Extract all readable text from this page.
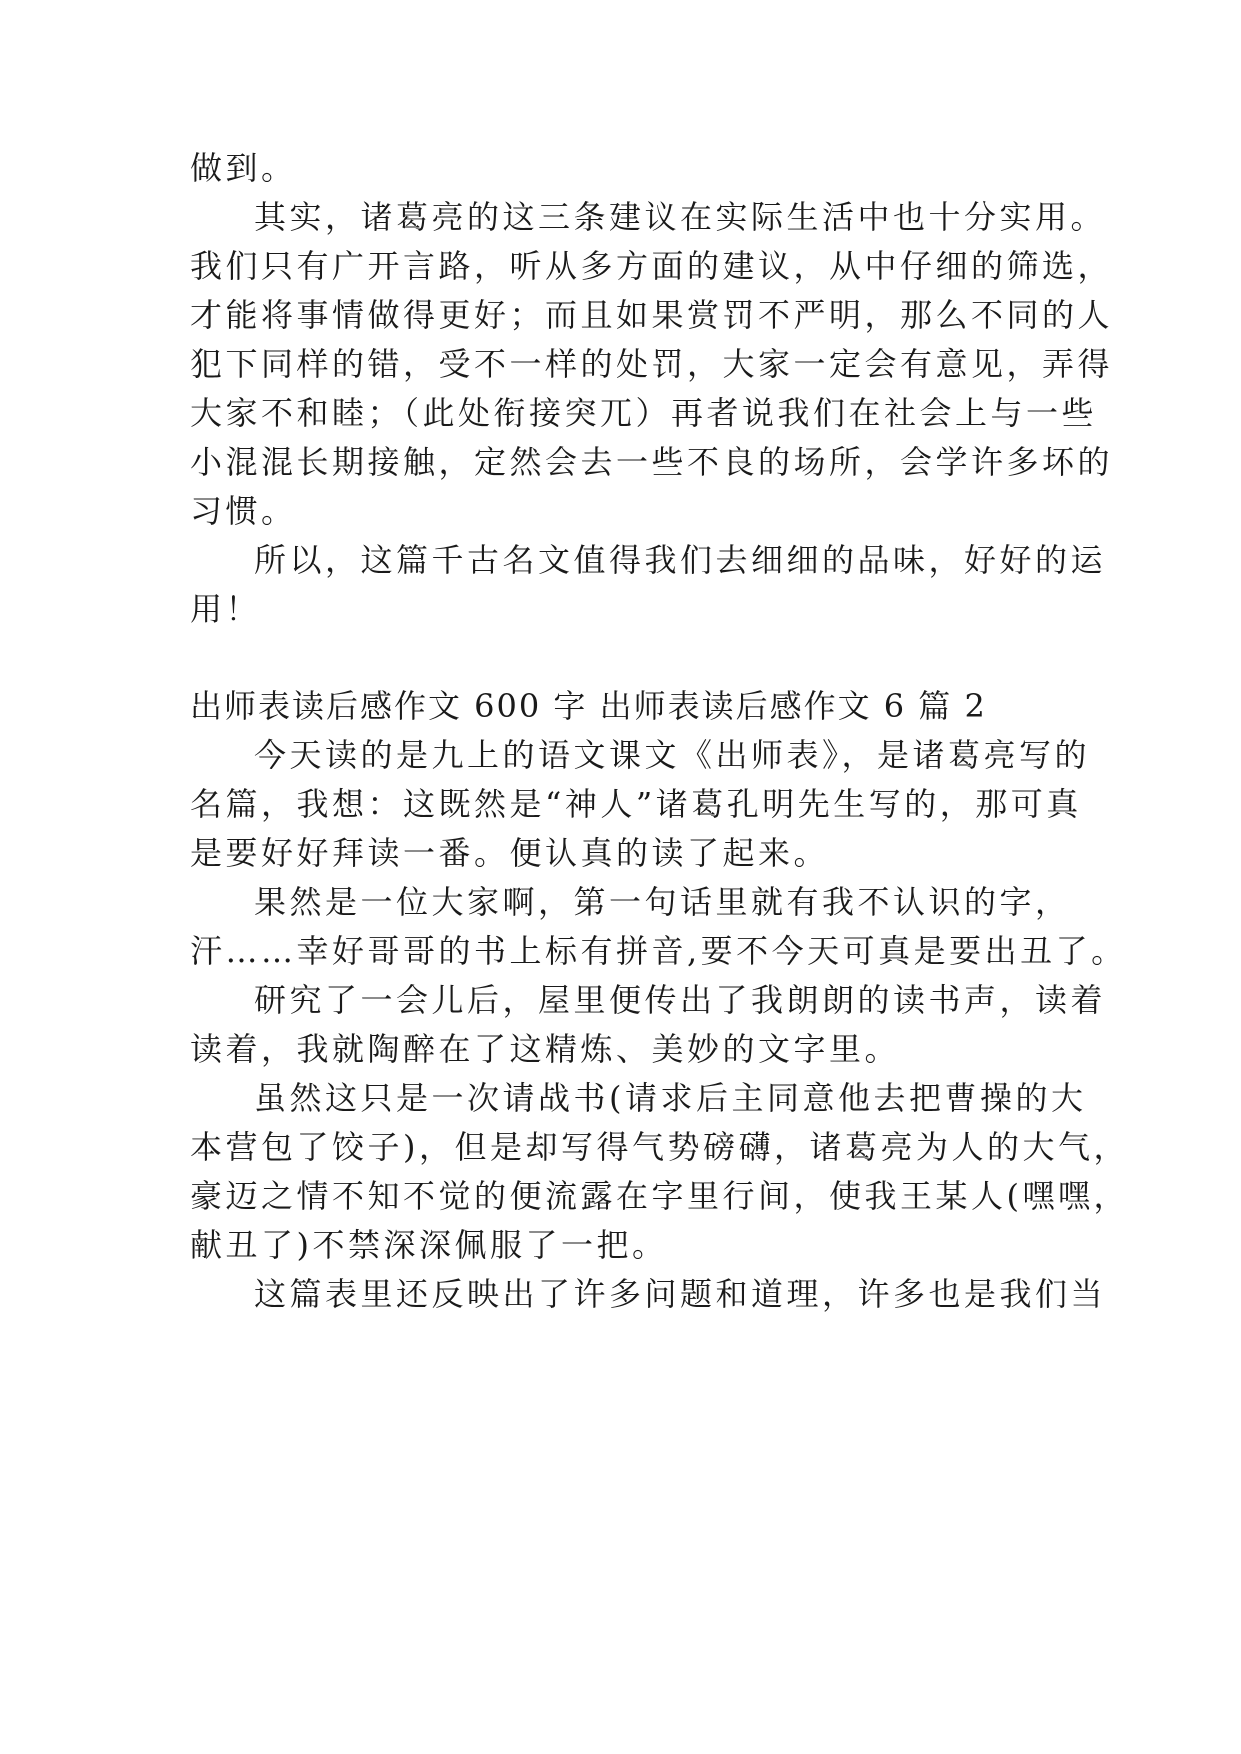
做到。
其实，诸葛亮的这三条建议在实际生活中也十分实用。
我们只有广开言路，听从多方面的建议，从中仔细的筛选，
才能将事情做得更好；而且如果赏罚不严明，那么不同的人
犯下同样的错，受不一样的处罚，大家一定会有意见，弄得
大家不和睦；（此处衔接突兀）再者说我们在社会上与一些
小混混长期接触，定然会去一些不良的场所，会学许多坏的
习惯。
所以，这篇千古名文值得我们去细细的品味，好好的运
用！
出师表读后感作文 600 字 出师表读后感作文 6 篇 2
今天读的是九上的语文课文《出师表》，是诸葛亮写的
名篇，我想：这既然是“神人”诸葛孔明先生写的，那可真
是要好好拜读一番。便认真的读了起来。
果然是一位大家啊，第一句话里就有我不认识的字，
汗……幸好哥哥的书上标有拼音,要不今天可真是要出丑了。
研究了一会儿后，屋里便传出了我朗朗的读书声，读着
读着，我就陶醉在了这精炼、美妙的文字里。
虽然这只是一次请战书(请求后主同意他去把曹操的大
本营包了饺子)，但是却写得气势磅礴，诸葛亮为人的大气，
豪迈之情不知不觉的便流露在字里行间，使我王某人(嘿嘿，
献丑了)不禁深深佩服了一把。
这篇表里还反映出了许多问题和道理，许多也是我们当
